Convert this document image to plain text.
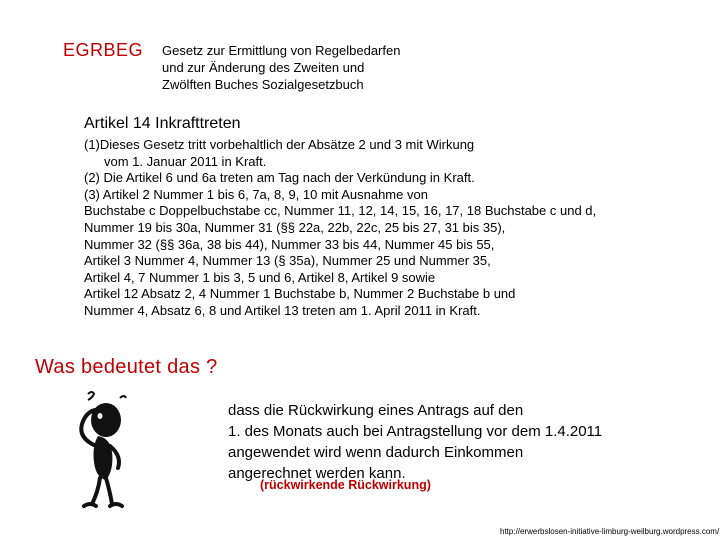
EGRBEG Gesetz zur Ermittlung von Regelbedarfen
und zur Änderung des Zweiten und
Zwölften Buches Sozialgesetzbuch
Artikel 14 Inkrafttreten
(1)Dieses Gesetz tritt vorbehaltlich der Absätze 2 und 3 mit Wirkung
vom 1. Januar 2011 in Kraft.
(2) Die Artikel 6 und 6a treten am Tag nach der Verkündung in Kraft.
(3) Artikel 2 Nummer 1 bis 6, 7a, 8, 9, 10 mit Ausnahme von
Buchstabe c Doppelbuchstabe cc, Nummer 11, 12, 14, 15, 16, 17, 18 Buchstabe c und d,
Nummer 19 bis 30a, Nummer 31 (§§ 22a, 22b, 22c, 25 bis 27, 31 bis 35),
Nummer 32 (§§ 36a, 38 bis 44), Nummer 33 bis 44, Nummer 45 bis 55,
Artikel 3 Nummer 4, Nummer 13 (§ 35a), Nummer 25 und Nummer 35,
Artikel 4, 7 Nummer 1 bis 3, 5 und 6, Artikel 8, Artikel 9 sowie
Artikel 12 Absatz 2, 4 Nummer 1 Buchstabe b, Nummer 2 Buchstabe b und
Nummer 4, Absatz 6, 8 und Artikel 13 treten am 1. April 2011 in Kraft.
Was bedeutet das ?
dass die Rückwirkung eines Antrags auf den
1. des Monats auch bei Antragstellung vor dem 1.4.2011
angewendet wird wenn dadurch Einkommen
angerechnet werden kann.
(rückwirkende Rückwirkung)
http://erwerbslosen-initiative-limburg-weilburg.wordpress.com/
